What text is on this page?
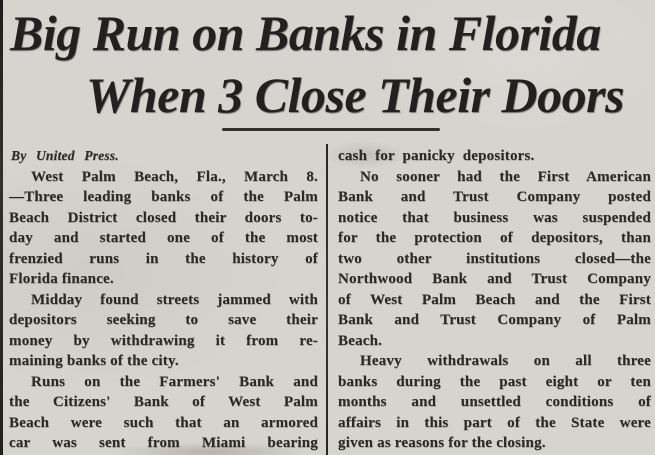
Big Run on Banks in Florida
When 3 Close Their Doors
By United Press.
West Palm Beach, Fla., March 8.
—Three leading banks of the Palm
Beach District closed their doors to-
day and started one of the most
frenzied runs in the history of
Florida finance.
Midday found streets jammed with
depositors seeking to save their
money by withdrawing it from re-
maining banks of the city.
Runs on the Farmers' Bank and
the Citizens' Bank of West Palm
Beach were such that an armored
car was sent from Miami bearing
cash for panicky depositors.
No sooner had the First American
Bank and Trust Company posted
notice that business was suspended
for the protection of depositors, than
two other institutions closed—the
Northwood Bank and Trust Company
of West Palm Beach and the First
Bank and Trust Company of Palm
Beach.
Heavy withdrawals on all three
banks during the past eight or ten
months and unsettled conditions of
affairs in this part of the State were
given as reasons for the closing.
